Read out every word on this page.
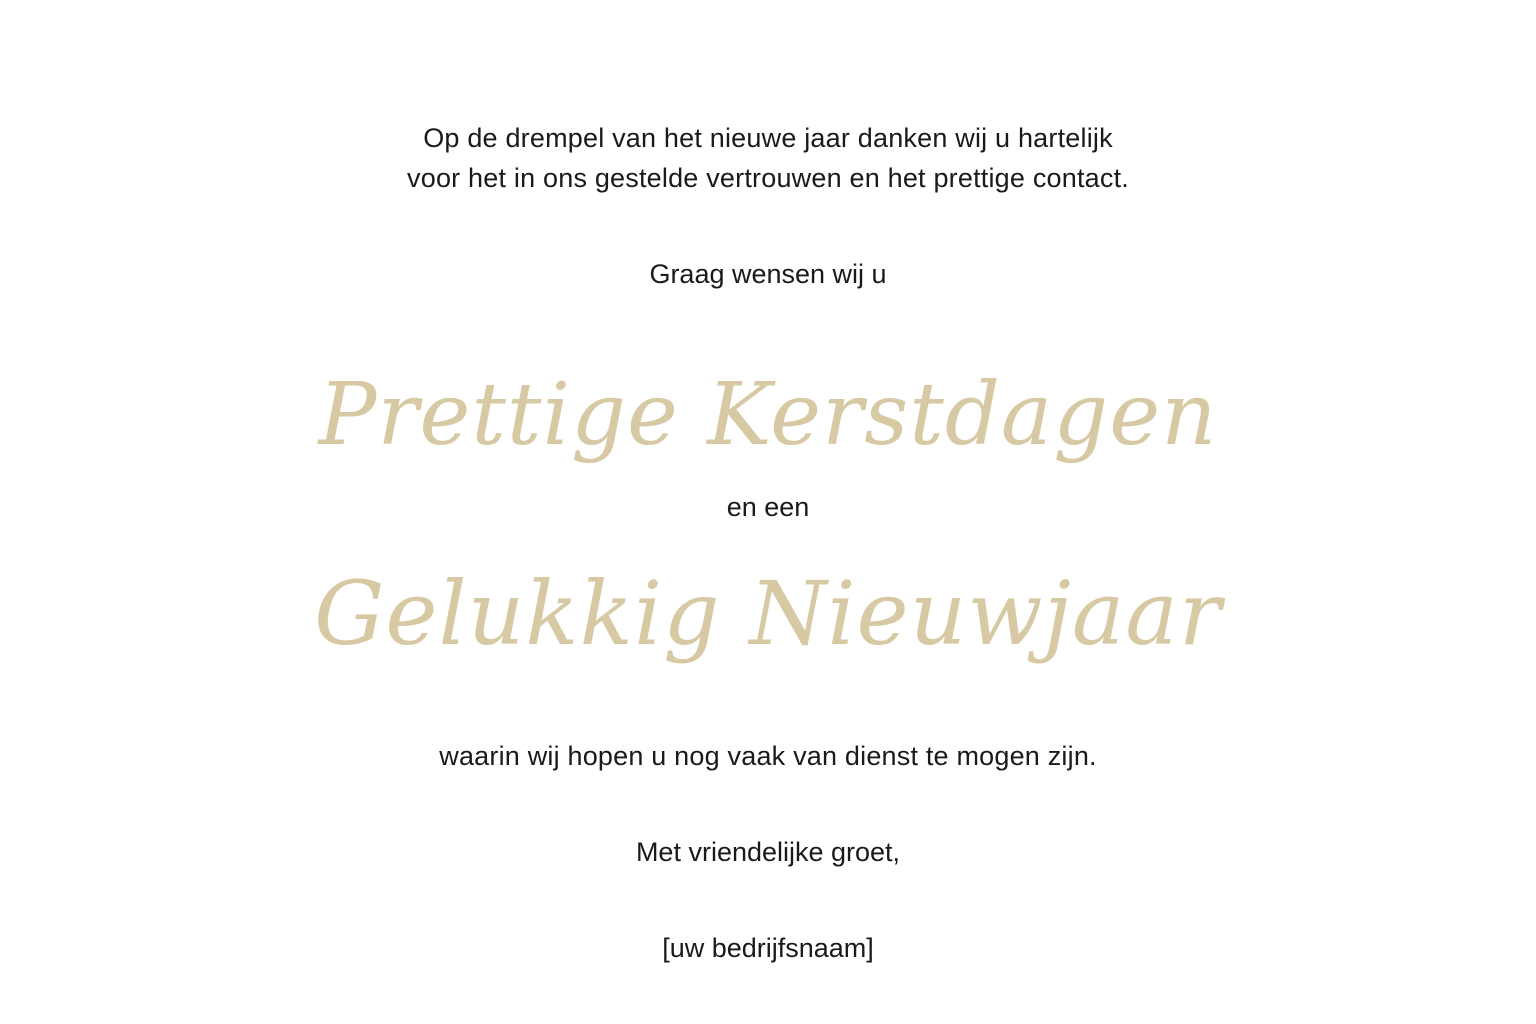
Op de drempel van het nieuwe jaar danken wij u hartelijk
voor het in ons gestelde vertrouwen en het prettige contact.
Graag wensen wij u
Prettige Kerstdagen
en een
Gelukkig Nieuwjaar
waarin wij hopen u nog vaak van dienst te mogen zijn.
Met vriendelijke groet,
[uw bedrijfsnaam]
